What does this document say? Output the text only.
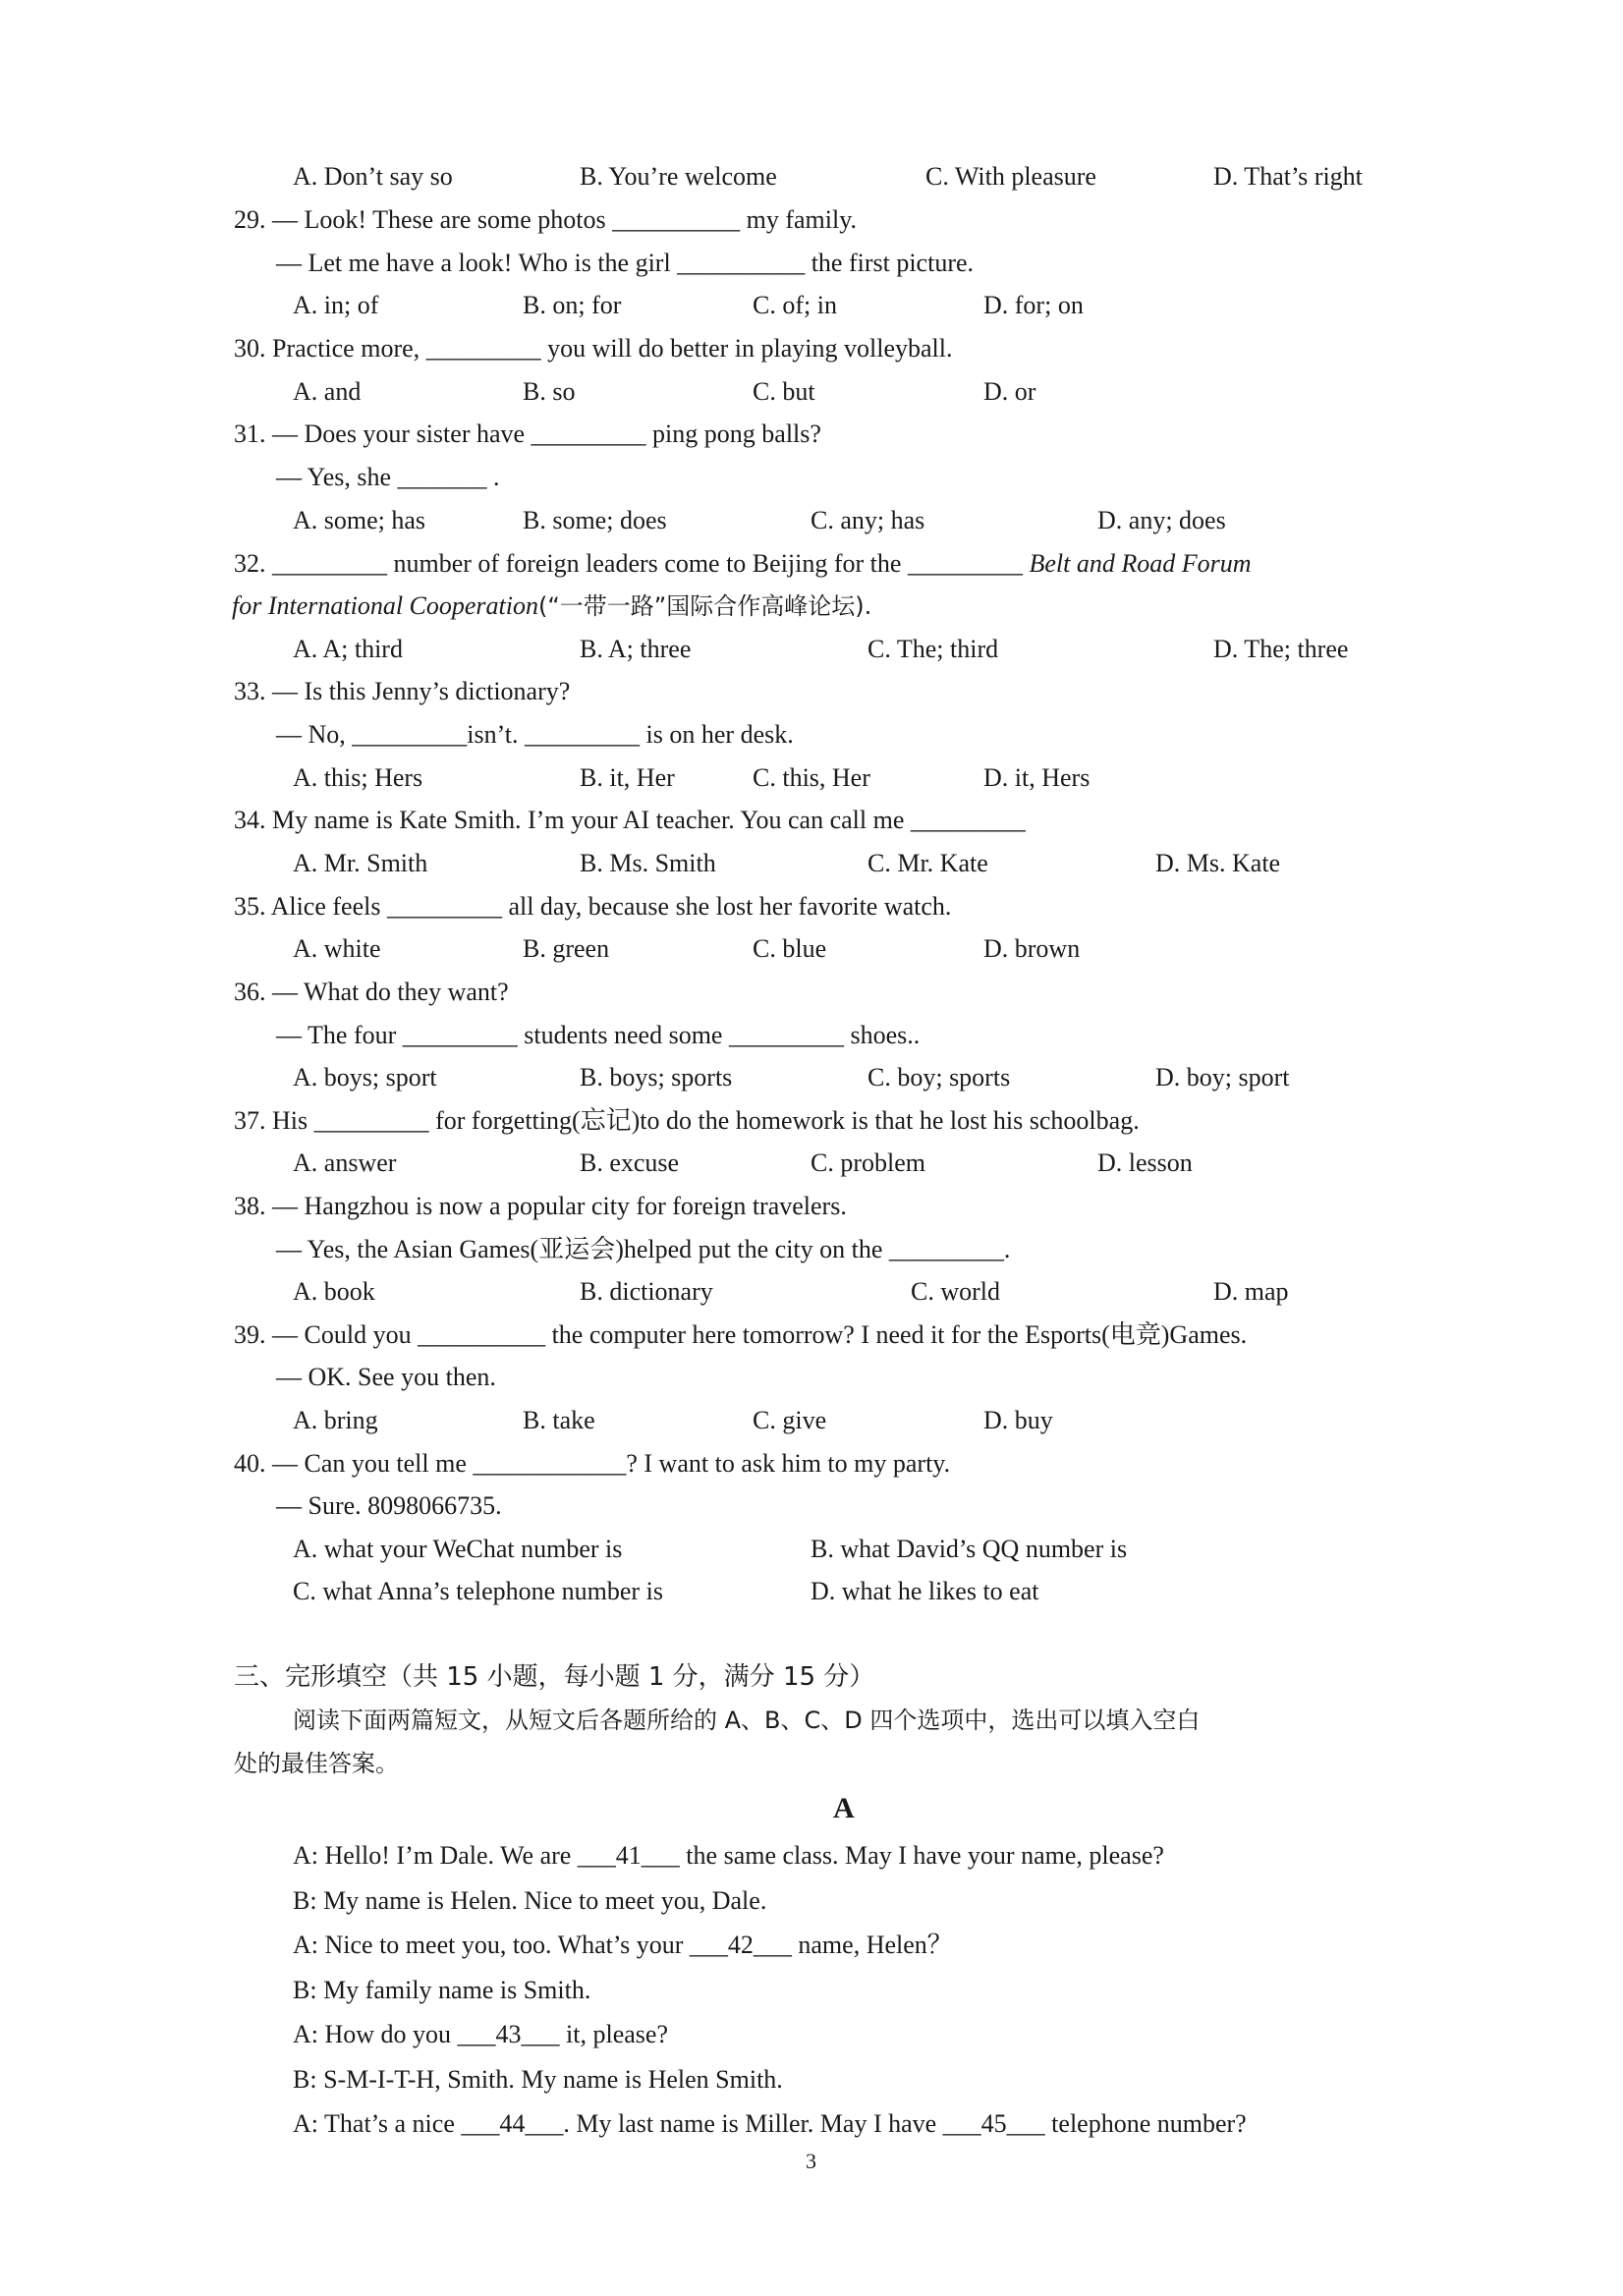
A. Don’t say so	B. You’re welcome	C. With pleasure	D. That’s right
29. — Look! These are some photos __________ my family.
— Let me have a look! Who is the girl __________ the first picture.
A. in; of	B. on; for	C. of; in	D. for; on
30. Practice more, _________ you will do better in playing volleyball.
A. and	B. so	C. but	D. or
31. — Does your sister have _________ ping pong balls?
— Yes, she _______ .
A. some; has	B. some; does	C. any; has	D. any; does
32. _________ number of foreign leaders come to Beijing for the _________ Belt and Road Forum
for International Cooperation(“一带一路”国际合作高峰论坛).
A. A; third	B. A; three	C. The; third	D. The; three
33. — Is this Jenny’s dictionary?
— No, _________isn’t. _________ is on her desk.
A. this; Hers	B. it, Her	C. this, Her	D. it, Hers
34. My name is Kate Smith. I’m your AI teacher. You can call me _________
A. Mr. Smith	B. Ms. Smith	C. Mr. Kate	D. Ms. Kate
35. Alice feels _________ all day, because she lost her favorite watch.
A. white	B. green	C. blue	D. brown
36. — What do they want?
— The four _________ students need some _________ shoes..
A. boys; sport	B. boys; sports	C. boy; sports	D. boy; sport
37. His _________ for forgetting(忘记)to do the homework is that he lost his schoolbag.
A. answer	B. excuse	C. problem	D. lesson
38. — Hangzhou is now a popular city for foreign travelers.
— Yes, the Asian Games(亚运会)helped put the city on the _________.
A. book	B. dictionary	C. world	D. map
39. — Could you __________ the computer here tomorrow? I need it for the Esports(电竞)Games.
— OK. See you then.
A. bring	B. take	C. give	D. buy
40. — Can you tell me ____________? I want to ask him to my party.
— Sure. 8098066735.
A. what your WeChat number is	B. what David’s QQ number is
C. what Anna’s telephone number is	D. what he likes to eat
三、完形填空（共 15 小题，每小题 1 分，满分 15 分）
阅读下面两篇短文，从短文后各题所给的 A、B、C、D 四个选项中，选出可以填入空白
处的最佳答案。
A
A: Hello! I’m Dale. We are ___41___ the same class. May I have your name, please?
B: My name is Helen. Nice to meet you, Dale.
A: Nice to meet you, too. What’s your ___42___ name, Helen？
B: My family name is Smith.
A: How do you ___43___ it, please?
B: S-M-I-T-H, Smith. My name is Helen Smith.
A: That’s a nice ___44___. My last name is Miller. May I have ___45___ telephone number?
3
